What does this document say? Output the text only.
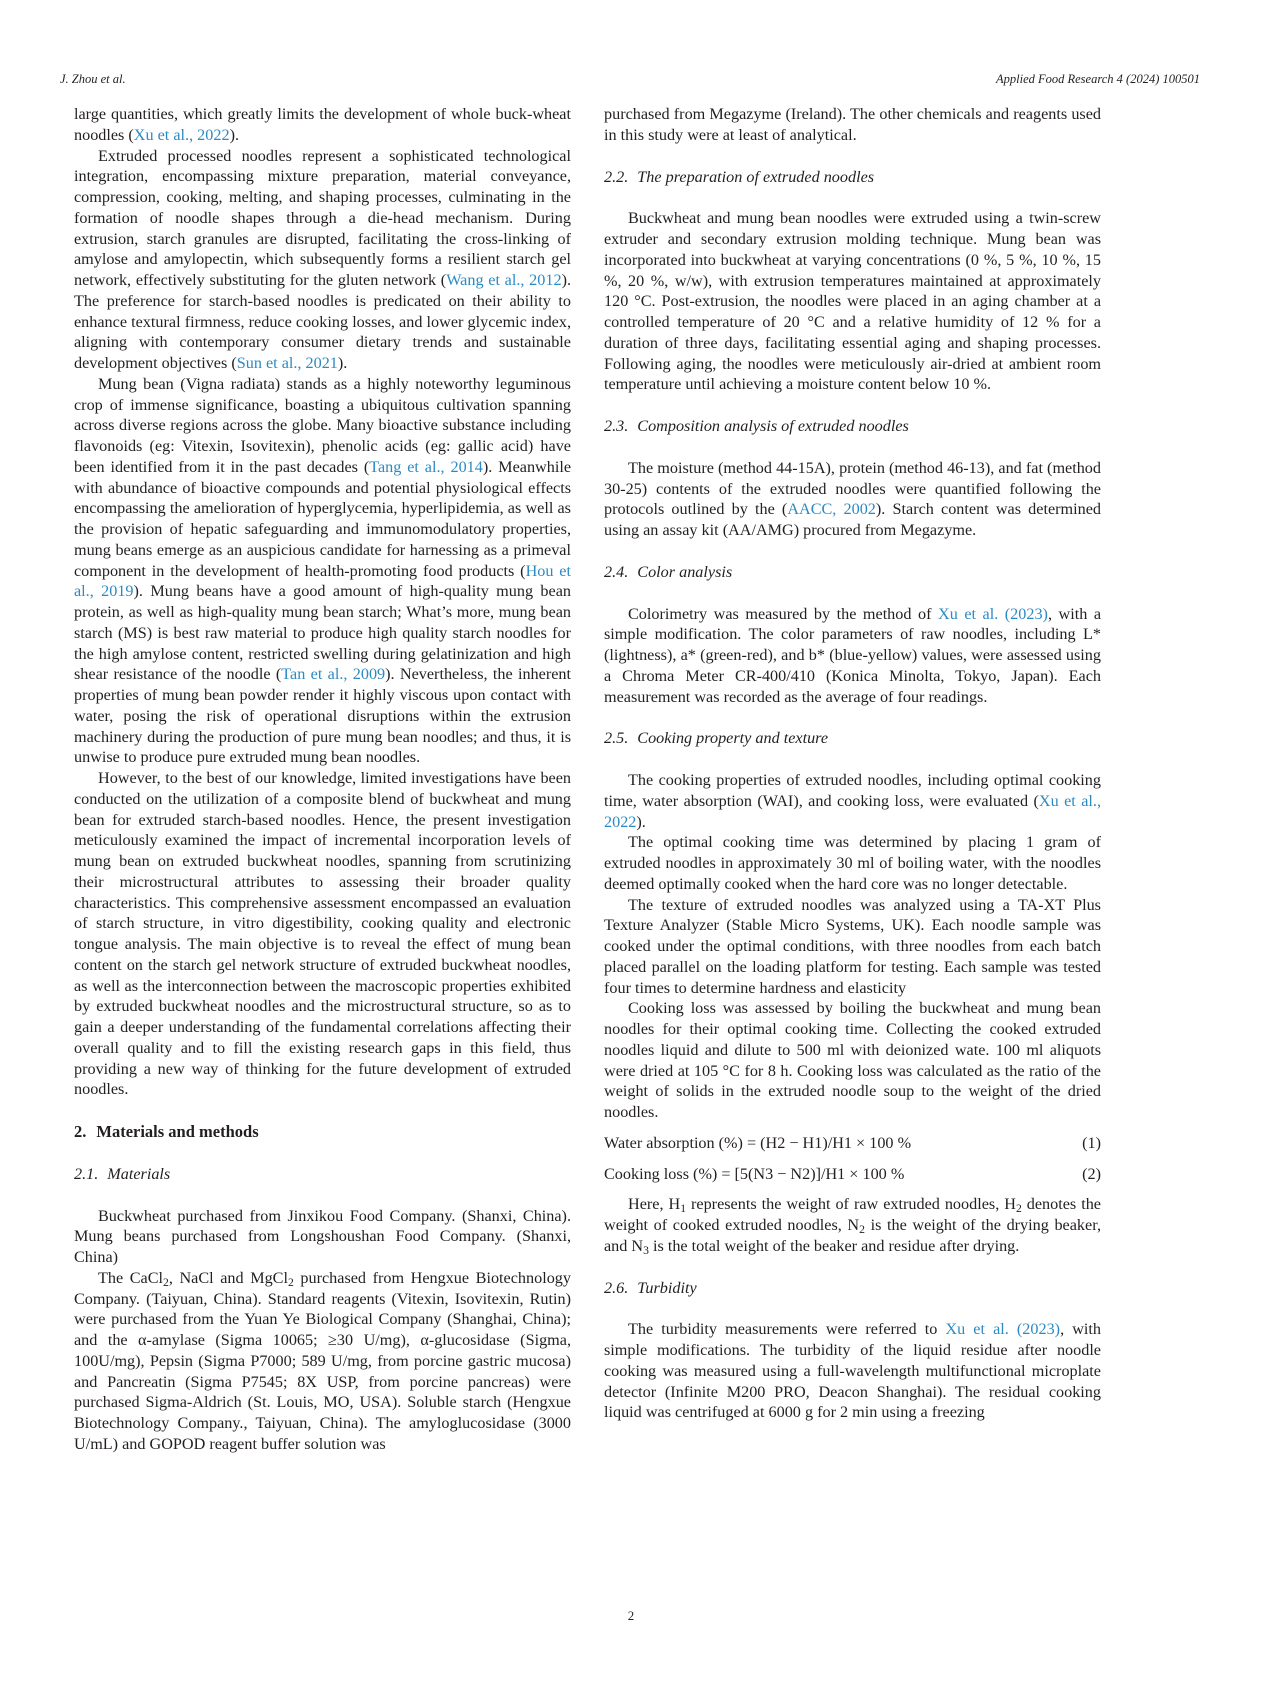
J. Zhou et al.	Applied Food Research 4 (2024) 100501

large quantities, which greatly limits the development of whole buck-wheat noodles (Xu et al., 2022).

Extruded processed noodles represent a sophisticated technological integration, encompassing mixture preparation, material conveyance, compression, cooking, melting, and shaping processes, culminating in the formation of noodle shapes through a die-head mechanism. During extrusion, starch granules are disrupted, facilitating the cross-linking of amylose and amylopectin, which subsequently forms a resilient starch gel network, effectively substituting for the gluten network (Wang et al., 2012). The preference for starch-based noodles is predicated on their ability to enhance textural firmness, reduce cooking losses, and lower glycemic index, aligning with contemporary consumer dietary trends and sustainable development objectives (Sun et al., 2021).

Mung bean (Vigna radiata) stands as a highly noteworthy leguminous crop of immense significance, boasting a ubiquitous cultivation spanning across diverse regions across the globe. Many bioactive substance including flavonoids (eg: Vitexin, Isovitexin), phenolic acids (eg: gallic acid) have been identified from it in the past decades (Tang et al., 2014). Meanwhile with abundance of bioactive compounds and potential physiological effects encompassing the amelioration of hyperglycemia, hyperlipidemia, as well as the provision of hepatic safeguarding and immunomodulatory properties, mung beans emerge as an auspicious candidate for harnessing as a primeval component in the development of health-promoting food products (Hou et al., 2019). Mung beans have a good amount of high-quality mung bean protein, as well as high-quality mung bean starch; What’s more, mung bean starch (MS) is best raw material to produce high quality starch noodles for the high amylose content, restricted swelling during gelatinization and high shear resistance of the noodle (Tan et al., 2009). Nevertheless, the inherent properties of mung bean powder render it highly viscous upon contact with water, posing the risk of operational disruptions within the extrusion machinery during the production of pure mung bean noodles; and thus, it is unwise to produce pure extruded mung bean noodles.

However, to the best of our knowledge, limited investigations have been conducted on the utilization of a composite blend of buckwheat and mung bean for extruded starch-based noodles. Hence, the present investigation meticulously examined the impact of incremental incorporation levels of mung bean on extruded buckwheat noodles, spanning from scrutinizing their microstructural attributes to assessing their broader quality characteristics. This comprehensive assessment encompassed an evaluation of starch structure, in vitro digestibility, cooking quality and electronic tongue analysis. The main objective is to reveal the effect of mung bean content on the starch gel network structure of extruded buckwheat noodles, as well as the interconnection between the macroscopic properties exhibited by extruded buckwheat noodles and the microstructural structure, so as to gain a deeper understanding of the fundamental correlations affecting their overall quality and to fill the existing research gaps in this field, thus providing a new way of thinking for the future development of extruded noodles.

2. Materials and methods
2.1. Materials

Buckwheat purchased from Jinxikou Food Company. (Shanxi, China). Mung beans purchased from Longshoushan Food Company. (Shanxi, China)

The CaCl$_2$, NaCl and MgCl$_2$ purchased from Hengxue Biotechnology Company. (Taiyuan, China). Standard reagents (Vitexin, Isovitexin, Rutin) were purchased from the Yuan Ye Biological Company (Shanghai, China); and the α-amylase (Sigma 10065; ≥30 U/mg), α-glucosidase (Sigma, 100U/mg), Pepsin (Sigma P7000; 589 U/mg, from porcine gastric mucosa) and Pancreatin (Sigma P7545; 8X USP, from porcine pancreas) were purchased Sigma-Aldrich (St. Louis, MO, USA). Soluble starch (Hengxue Biotechnology Company., Taiyuan, China). The amyloglucosidase (3000 U/mL) and GOPOD reagent buffer solution was

purchased from Megazyme (Ireland). The other chemicals and reagents used in this study were at least of analytical.

2.2. The preparation of extruded noodles

Buckwheat and mung bean noodles were extruded using a twin-screw extruder and secondary extrusion molding technique. Mung bean was incorporated into buckwheat at varying concentrations (0 %, 5 %, 10 %, 15 %, 20 %, w/w), with extrusion temperatures maintained at approximately 120 °C. Post-extrusion, the noodles were placed in an aging chamber at a controlled temperature of 20 °C and a relative humidity of 12 % for a duration of three days, facilitating essential aging and shaping processes. Following aging, the noodles were meticulously air-dried at ambient room temperature until achieving a moisture content below 10 %.

2.3. Composition analysis of extruded noodles

The moisture (method 44-15A), protein (method 46-13), and fat (method 30-25) contents of the extruded noodles were quantified following the protocols outlined by the (AACC, 2002). Starch content was determined using an assay kit (AA/AMG) procured from Megazyme.

2.4. Color analysis

Colorimetry was measured by the method of Xu et al. (2023), with a simple modification. The color parameters of raw noodles, including L* (lightness), a* (green-red), and b* (blue-yellow) values, were assessed using a Chroma Meter CR-400/410 (Konica Minolta, Tokyo, Japan). Each measurement was recorded as the average of four readings.

2.5. Cooking property and texture

The cooking properties of extruded noodles, including optimal cooking time, water absorption (WAI), and cooking loss, were evaluated (Xu et al., 2022).

The optimal cooking time was determined by placing 1 gram of extruded noodles in approximately 30 ml of boiling water, with the noodles deemed optimally cooked when the hard core was no longer detectable.

The texture of extruded noodles was analyzed using a TA-XT Plus Texture Analyzer (Stable Micro Systems, UK). Each noodle sample was cooked under the optimal conditions, with three noodles from each batch placed parallel on the loading platform for testing. Each sample was tested four times to determine hardness and elasticity

Cooking loss was assessed by boiling the buckwheat and mung bean noodles for their optimal cooking time. Collecting the cooked extruded noodles liquid and dilute to 500 ml with deionized wate. 100 ml aliquots were dried at 105 °C for 8 h. Cooking loss was calculated as the ratio of the weight of solids in the extruded noodle soup to the weight of the dried noodles.

Water absorption (%) = (H2 − H1)/H1 × 100 %	(1)
Cooking loss (%) = [5(N3 − N2)]/H1 × 100 %	(2)

Here, $H_1$ represents the weight of raw extruded noodles, $H_2$ denotes the weight of cooked extruded noodles, $N_2$ is the weight of the drying beaker, and $N_3$ is the total weight of the beaker and residue after drying.

2.6. Turbidity

The turbidity measurements were referred to Xu et al. (2023), with simple modifications. The turbidity of the liquid residue after noodle cooking was measured using a full-wavelength multifunctional microplate detector (Infinite M200 PRO, Deacon Shanghai). The residual cooking liquid was centrifuged at 6000 g for 2 min using a freezing

2
